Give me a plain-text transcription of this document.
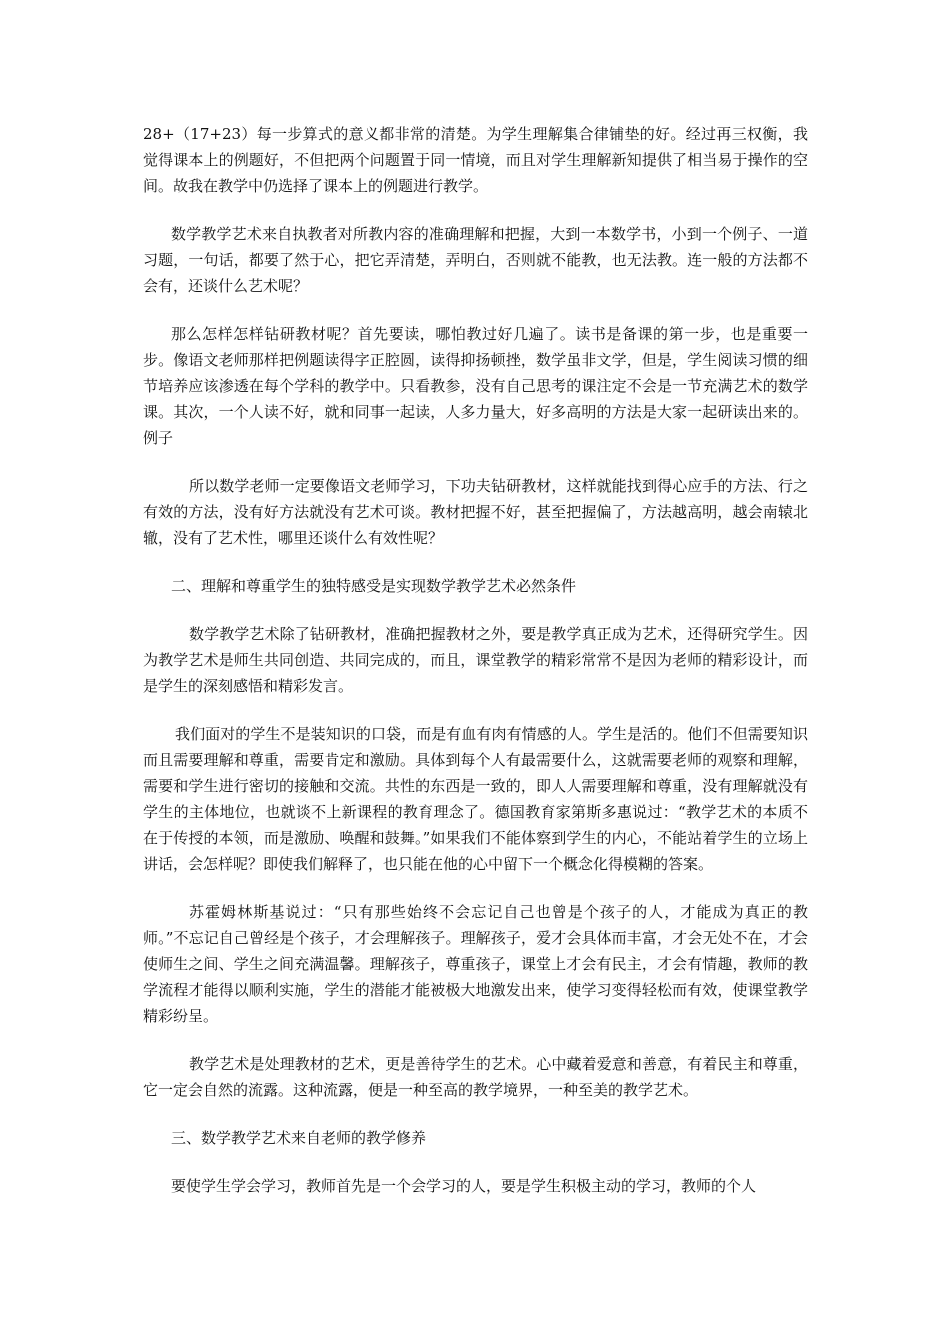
28+（17+23）每一步算式的意义都非常的清楚。为学生理解集合律铺垫的好。经过再三权衡，我觉得课本上的例题好，不但把两个问题置于同一情境，而且对学生理解新知提供了相当易于操作的空间。故我在教学中仍选择了课本上的例题进行教学。

数学教学艺术来自执教者对所教内容的准确理解和把握，大到一本数学书，小到一个例子、一道习题，一句话，都要了然于心，把它弄清楚，弄明白，否则就不能教，也无法教。连一般的方法都不会有，还谈什么艺术呢？

那么怎样怎样钻研教材呢？首先要读，哪怕教过好几遍了。读书是备课的第一步，也是重要一步。像语文老师那样把例题读得字正腔圆，读得抑扬顿挫，数学虽非文学，但是，学生阅读习惯的细节培养应该渗透在每个学科的教学中。只看教参，没有自己思考的课注定不会是一节充满艺术的数学课。其次，一个人读不好，就和同事一起读，人多力量大，好多高明的方法是大家一起研读出来的。例子

所以数学老师一定要像语文老师学习，下功夫钻研教材，这样就能找到得心应手的方法、行之有效的方法，没有好方法就没有艺术可谈。教材把握不好，甚至把握偏了，方法越高明，越会南辕北辙，没有了艺术性，哪里还谈什么有效性呢？

二、理解和尊重学生的独特感受是实现数学教学艺术必然条件

数学教学艺术除了钻研教材，准确把握教材之外，要是教学真正成为艺术，还得研究学生。因为教学艺术是师生共同创造、共同完成的，而且，课堂教学的精彩常常不是因为老师的精彩设计，而是学生的深刻感悟和精彩发言。

我们面对的学生不是装知识的口袋，而是有血有肉有情感的人。学生是活的。他们不但需要知识而且需要理解和尊重，需要肯定和激励。具体到每个人有最需要什么，这就需要老师的观察和理解，需要和学生进行密切的接触和交流。共性的东西是一致的，即人人需要理解和尊重，没有理解就没有学生的主体地位，也就谈不上新课程的教育理念了。德国教育家第斯多惠说过：“教学艺术的本质不在于传授的本领，而是激励、唤醒和鼓舞。”如果我们不能体察到学生的内心，不能站着学生的立场上讲话，会怎样呢？即使我们解释了，也只能在他的心中留下一个概念化得模糊的答案。

苏霍姆林斯基说过：“只有那些始终不会忘记自己也曾是个孩子的人，才能成为真正的教师。”不忘记自己曾经是个孩子，才会理解孩子。理解孩子，爱才会具体而丰富，才会无处不在，才会使师生之间、学生之间充满温馨。理解孩子，尊重孩子，课堂上才会有民主，才会有情趣，教师的教学流程才能得以顺利实施，学生的潜能才能被极大地激发出来，使学习变得轻松而有效，使课堂教学精彩纷呈。

教学艺术是处理教材的艺术，更是善待学生的艺术。心中藏着爱意和善意，有着民主和尊重，它一定会自然的流露。这种流露，便是一种至高的教学境界，一种至美的教学艺术。

三、数学教学艺术来自老师的教学修养

要使学生学会学习，教师首先是一个会学习的人，要是学生积极主动的学习，教师的个人
